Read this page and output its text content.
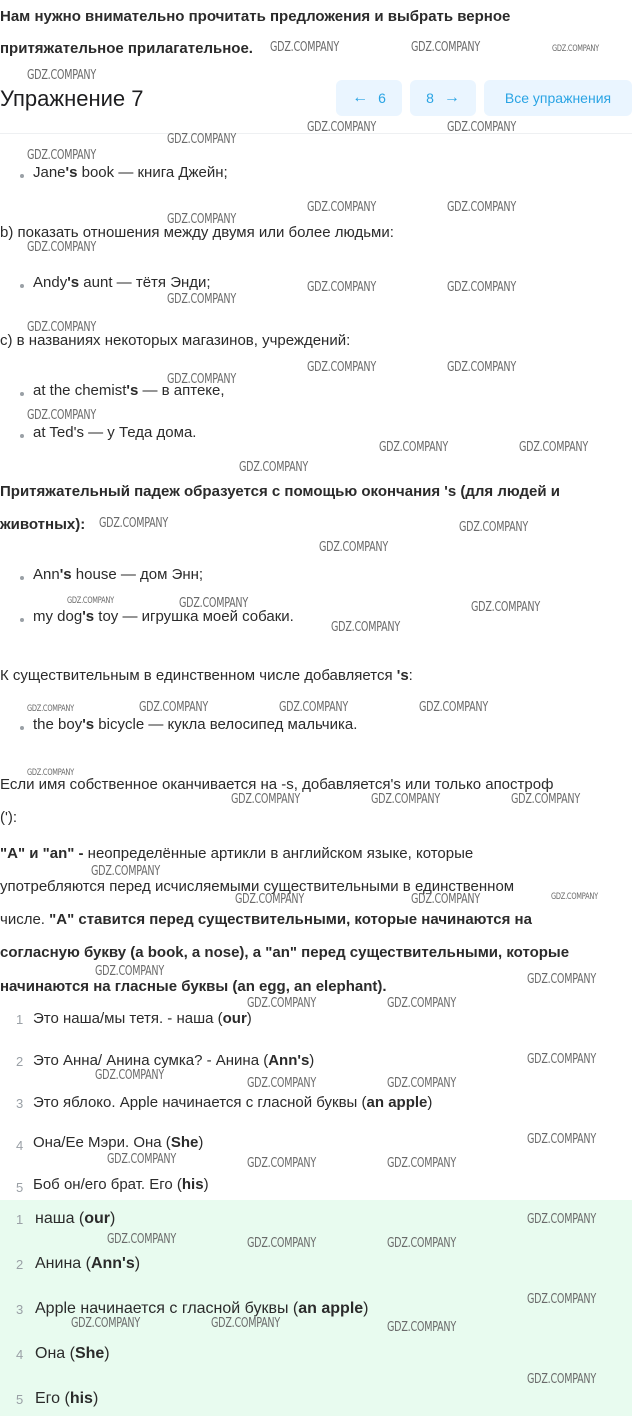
Нам нужно внимательно прочитать предложения и выбрать верное
притяжательное прилагательное.
Jane's book — книга Джейн;
b) показать отношения между двумя или более людьми:
Andy's aunt — тётя Энди;
c) в названиях некоторых магазинов, учреждений:
at the chemist's — в аптеке,
at Ted's — у Теда дома.
Притяжательный падеж образуется с помощью окончания 's (для людей и
животных):
Ann's house — дом Энн;
my dog's toy — игрушка моей собаки.
К существительным в единственном числе добавляется 's:
the boy's bicycle — кукла велосипед мальчика.
Если имя собственное оканчивается на -s, добавляется's или только апостроф
('):
"A" и "an" - неопределённые артикли в английском языке, которые
употребляются перед исчисляемыми существительными в единственном
числе. "A" ставится перед существительными, которые начинаются на
согласную букву (a book, a nose), а "an" перед существительными, которые
начинаются на гласные буквы (an egg, an elephant).
1 Это наша/мы тетя. - наша (our)
2 Это Анна/ Анина сумка? - Анина (Ann's)
3 Это яблоко. Apple начинается с гласной буквы (an apple)
4 Она/Ее Мэри. Она (She)
5 Боб он/его брат. Его (his)
1 наша (our)
2 Анина (Ann's)
3 Apple начинается с гласной буквы (an apple)
4 Она (She)
5 Его (his)
Упражнение 7	← 6	8 →	Все упражнения
GDZ.COMPANY	GDZ.COMPANY	GDZ.COMPANY
GDZ.COMPANY
GDZ.COMPANY
GDZ.COMPANY	GDZ.COMPANY
GDZ.COMPANY
GDZ.COMPANY
GDZ.COMPANY	GDZ.COMPANY
GDZ.COMPANY
GDZ.COMPANY
GDZ.COMPANY	GDZ.COMPANY
GDZ.COMPANY
GDZ.COMPANY	GDZ.COMPANY
GDZ.COMPANY
GDZ.COMPANY
GDZ.COMPANY	GDZ.COMPANY
GDZ.COMPANY
GDZ.COMPANY	GDZ.COMPANY
GDZ.COMPANY
GDZ.COMPANY	GDZ.COMPANY	GDZ.COMPANY
GDZ.COMPANY
GDZ.COMPANY	GDZ.COMPANY	GDZ.COMPANY	GDZ.COMPANY
GDZ.COMPANY
GDZ.COMPANY	GDZ.COMPANY	GDZ.COMPANY
GDZ.COMPANY
GDZ.COMPANY	GDZ.COMPANY	GDZ.COMPANY
GDZ.COMPANY
GDZ.COMPANY
GDZ.COMPANY	GDZ.COMPANY
GDZ.COMPANY
GDZ.COMPANY
GDZ.COMPANY	GDZ.COMPANY
GDZ.COMPANY
GDZ.COMPANY	GDZ.COMPANY	GDZ.COMPANY
GDZ.COMPANY
GDZ.COMPANY	GDZ.COMPANY	GDZ.COMPANY
GDZ.COMPANY
GDZ.COMPANY	GDZ.COMPANY	GDZ.COMPANY
GDZ.COMPANY
